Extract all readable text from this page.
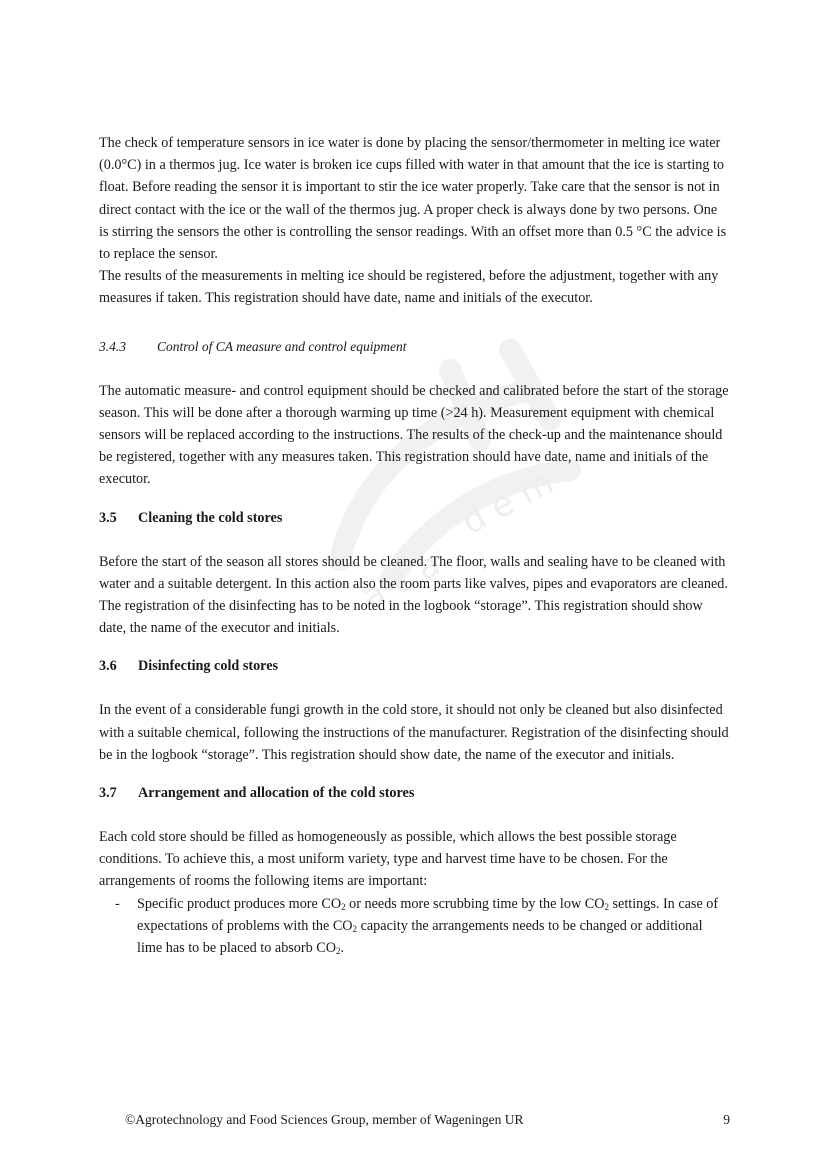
d e m
a c a

The check of temperature sensors in ice water is done by placing the sensor/thermometer in melting ice water (0.0°C) in a thermos jug. Ice water is broken ice cups filled with water in that amount that the ice is starting to float. Before reading the sensor it is important to stir the ice water properly. Take care that the sensor is not in direct contact with the ice or the wall of the thermos jug. A proper check is always done by two persons. One is stirring the sensors the other is controlling the sensor readings. With an offset more than 0.5 °C the advice is to replace the sensor.

The results of the measurements in melting ice should be registered, before the adjustment, together with any measures if taken. This registration should have date, name and initials of the executor.

3.4.3	Control of CA measure and control equipment

The automatic measure- and control equipment should be checked and calibrated before the start of the storage season. This will be done after a thorough warming up time (>24 h). Measurement equipment with chemical sensors will be replaced according to the instructions. The results of the check-up and the maintenance should be registered, together with any measures taken. This registration should have date, name and initials of the executor.

3.5	Cleaning the cold stores

Before the start of the season all stores should be cleaned. The floor, walls and sealing have to be cleaned with water and a suitable detergent. In this action also the room parts like valves, pipes and evaporators are cleaned. The registration of the disinfecting has to be noted in the logbook “storage”. This registration should show date, the name of the executor and initials.

3.6	Disinfecting cold stores

In the event of a considerable fungi growth in the cold store, it should not only be cleaned but also disinfected with a suitable chemical, following the instructions of the manufacturer. Registration of the disinfecting should be in the logbook “storage”. This registration should show date, the name of the executor and initials.

3.7	Arrangement and allocation of the cold stores

Each cold store should be filled as homogeneously as possible, which allows the best possible storage conditions. To achieve this, a most uniform variety, type and harvest time have to be chosen. For the arrangements of rooms the following items are important:

-	Specific product produces more $CO_2$ or needs more scrubbing time by the low $CO_2$ settings. In case of expectations of problems with the $CO_2$ capacity the arrangements needs to be changed or additional lime has to be placed to absorb $CO_2$.
©Agrotechnology and Food Sciences Group, member of Wageningen UR	9
